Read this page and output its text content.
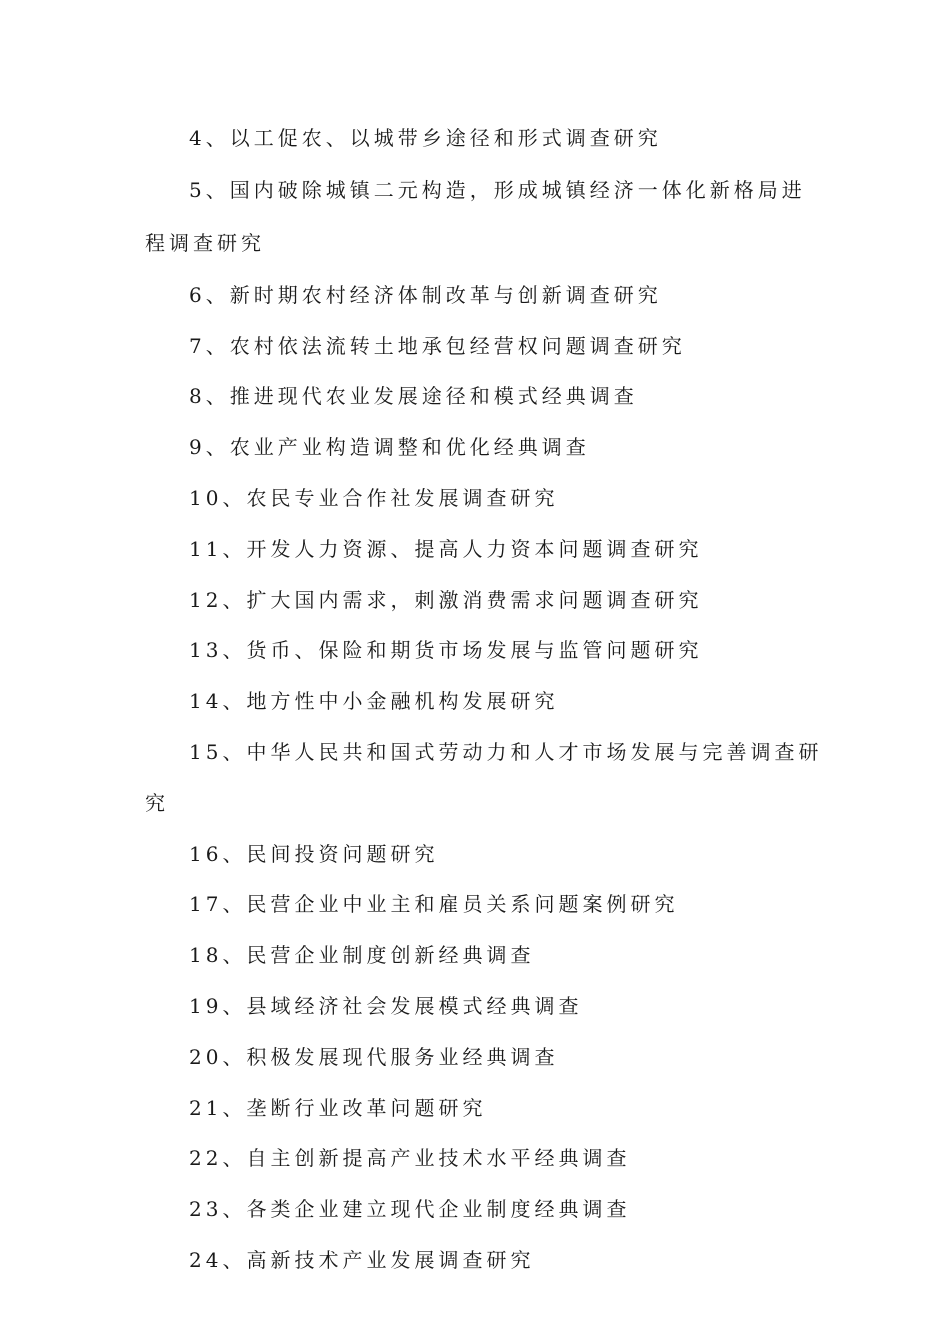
4、以工促农、以城带乡途径和形式调查研究

5、国内破除城镇二元构造，形成城镇经济一体化新格局进程调查研究

6、新时期农村经济体制改革与创新调查研究

7、农村依法流转土地承包经营权问题调查研究

8、推进现代农业发展途径和模式经典调查

9、农业产业构造调整和优化经典调查

10、农民专业合作社发展调查研究

11、开发人力资源、提高人力资本问题调查研究

12、扩大国内需求，刺激消费需求问题调查研究

13、货币、保险和期货市场发展与监管问题研究

14、地方性中小金融机构发展研究

15、中华人民共和国式劳动力和人才市场发展与完善调查研究

16、民间投资问题研究

17、民营企业中业主和雇员关系问题案例研究

18、民营企业制度创新经典调查

19、县域经济社会发展模式经典调查

20、积极发展现代服务业经典调查

21、垄断行业改革问题研究

22、自主创新提高产业技术水平经典调查

23、各类企业建立现代企业制度经典调查

24、高新技术产业发展调查研究
